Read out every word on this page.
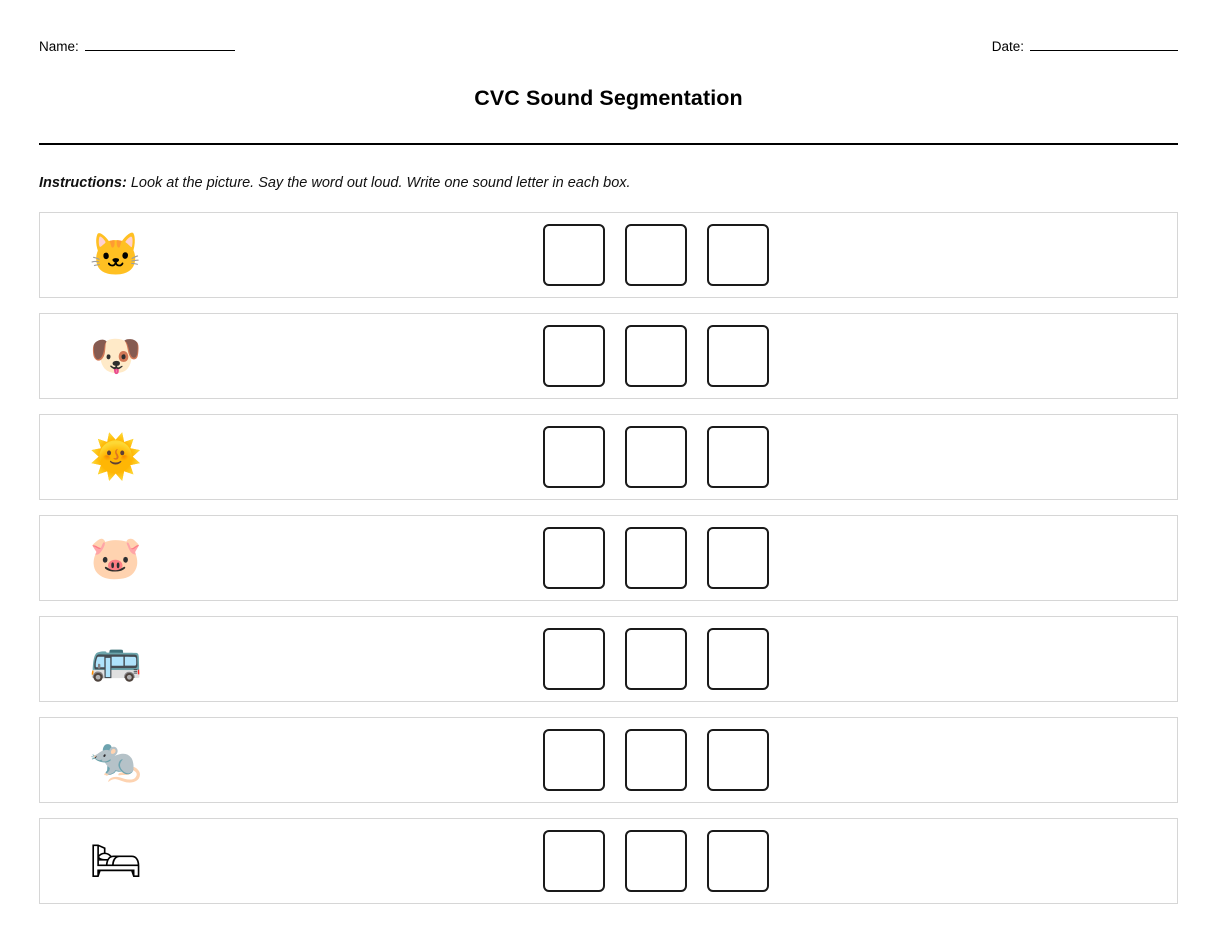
Name:	Date:
CVC Sound Segmentation
Instructions: Look at the picture. Say the word out loud. Write one sound letter in each box.
🐱
🐶
🌞
🐷
🚌
🐀
🛏
